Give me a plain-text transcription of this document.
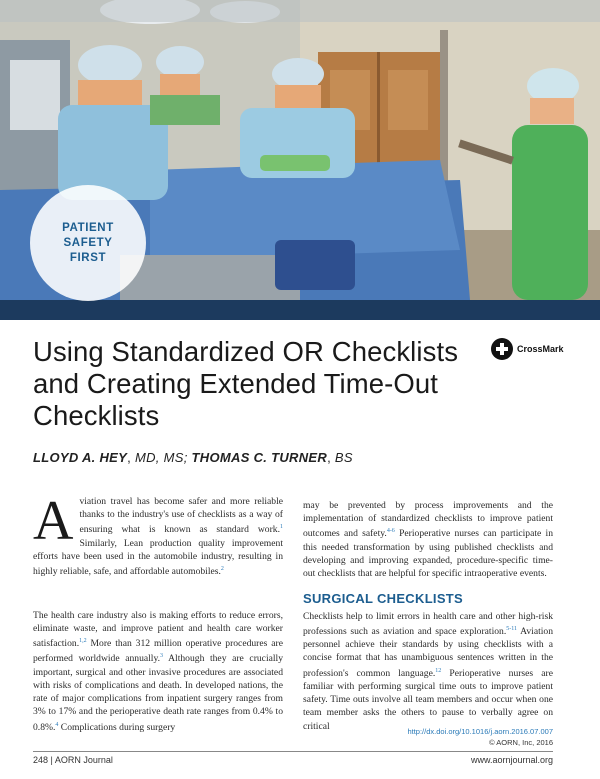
PATIENT
SAFETY
FIRST
Using Standardized OR Checklists and Creating Extended Time-Out Checklists
CrossMark
LLOYD A. HEY, MD, MS; THOMAS C. TURNER, BS
Aviation travel has become safer and more reliable thanks to the industry's use of checklists as a way of ensuring what is known as standard work.$^1$ Similarly, Lean production quality improvement efforts have been used in the automobile industry, resulting in highly reliable, safe, and affordable automobiles.$^2$
The health care industry also is making efforts to reduce errors, eliminate waste, and improve patient and health care worker satisfaction.$^{1,2}$ More than 312 million operative procedures are performed worldwide annually.$^3$ Although they are crucially important, surgical and other invasive procedures are associated with risks of complications and death. In developed nations, the rate of major complications from inpatient surgery ranges from 3% to 17% and the perioperative death rate ranges from 0.4% to 0.8%.$^4$ Complications during surgery
may be prevented by process improvements and the implementation of standardized checklists to improve patient outcomes and safety.$^{4-6}$ Perioperative nurses can participate in this needed transformation by using published checklists and developing and improving expanded, procedure-specific time-out checklists that are helpful for specific intraoperative events.
SURGICAL CHECKLISTS
Checklists help to limit errors in health care and other high-risk professions such as aviation and space exploration.$^{5-11}$ Aviation personnel achieve their standards by using checklists with a concise format that has unambiguous sentences written in the profession's common language.$^{12}$ Perioperative nurses are familiar with performing surgical time outs to improve patient safety. Time outs involve all team members and occur when one team member asks the others to pause to verbally agree on critical	http://dx.doi.org/10.1016/j.aorn.2016.07.007
© AORN, Inc, 2016
248 | AORN Journal	www.aornjournal.org
